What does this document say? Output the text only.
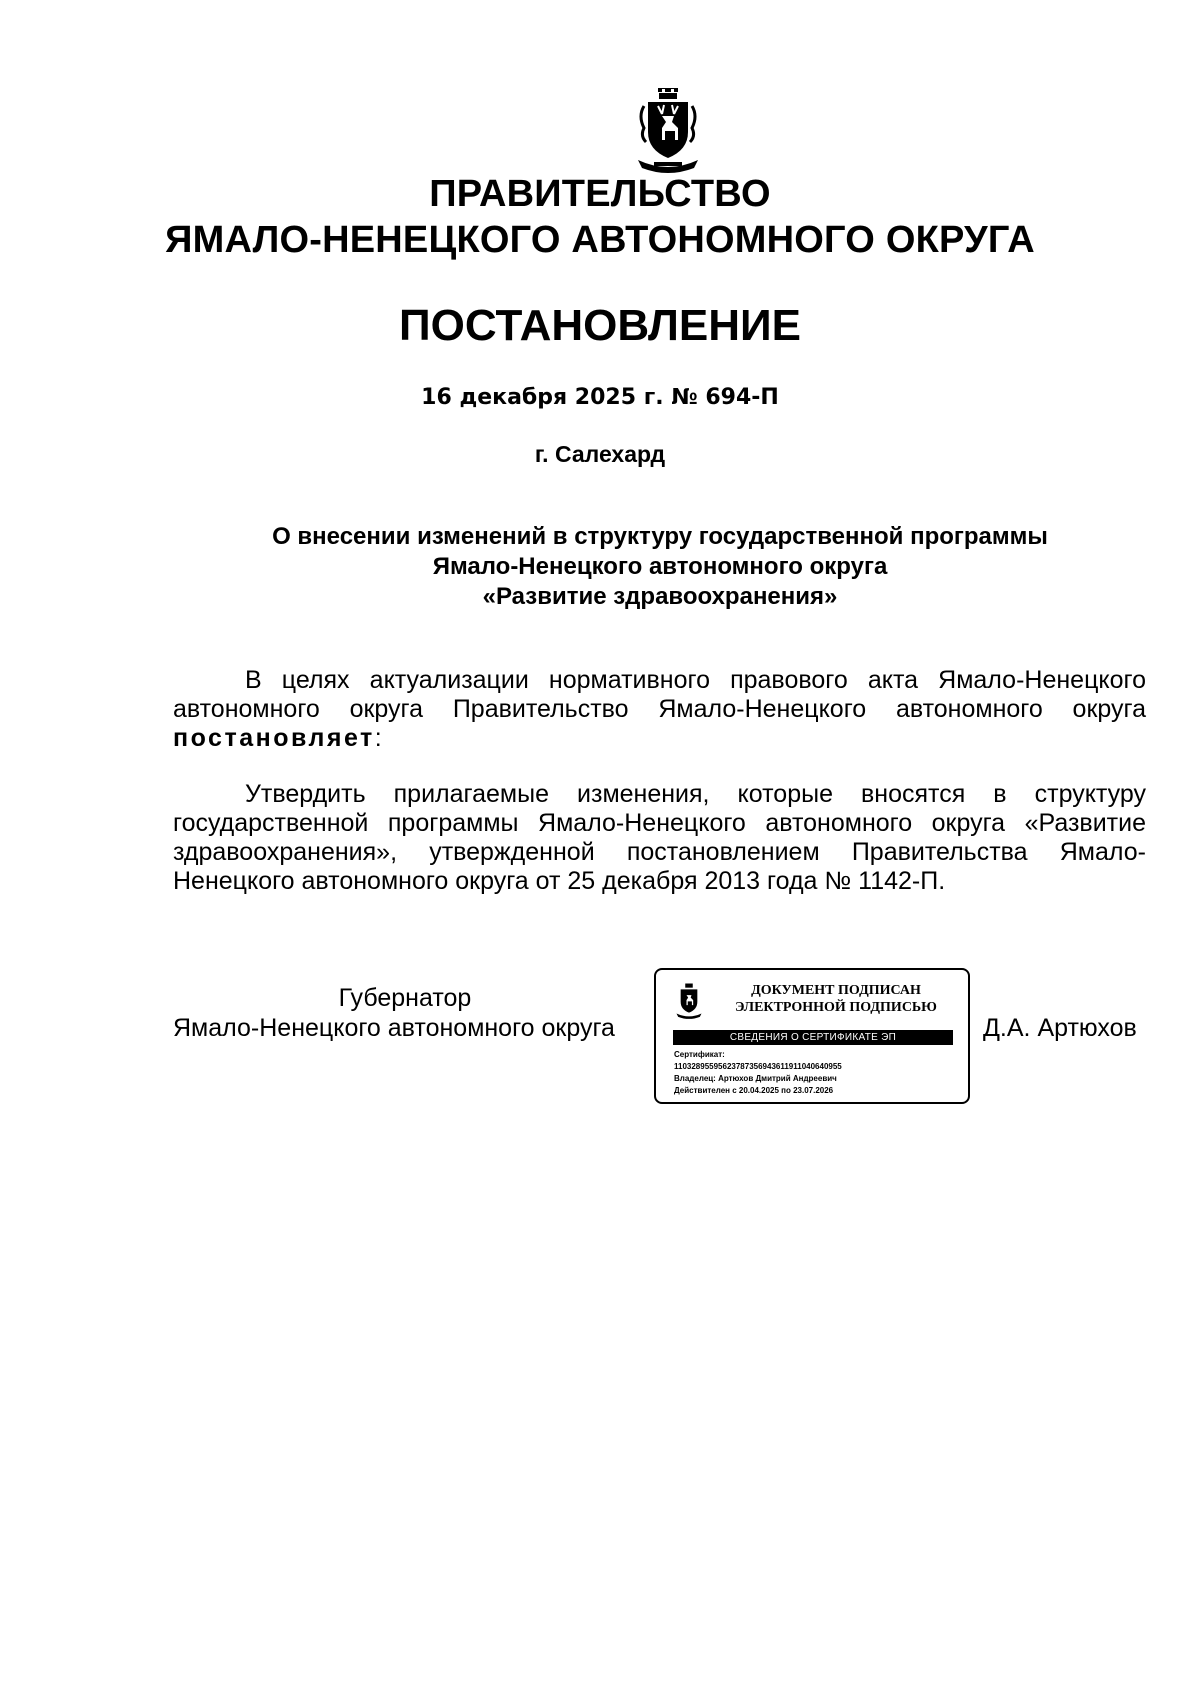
ПРАВИТЕЛЬСТВО
ЯМАЛО-НЕНЕЦКОГО АВТОНОМНОГО ОКРУГА
ПОСТАНОВЛЕНИЕ
16 декабря 2025 г. № 694-П
г. Салехард
О внесении изменений в структуру государственной программы
Ямало-Ненецкого автономного округа
«Развитие здравоохранения»
В целях актуализации нормативного правового акта Ямало-Ненецкого автономного округа Правительство Ямало-Ненецкого автономного округа постановляет:
Утвердить прилагаемые изменения, которые вносятся в структуру государственной программы Ямало-Ненецкого автономного округа «Развитие здравоохранения», утвержденной постановлением Правительства Ямало-Ненецкого автономного округа от 25 декабря 2013 года № 1142-П.
Губернатор
Ямало-Ненецкого автономного округа	Д.А. Артюхов
ДОКУМЕНТ ПОДПИСАН
ЭЛЕКТРОННОЙ ПОДПИСЬЮ
СВЕДЕНИЯ О СЕРТИФИКАТЕ ЭП
Сертификат:
11032895595623787356943611911040640955
Владелец: Артюхов Дмитрий Андреевич
Действителен с 20.04.2025 по 23.07.2026
